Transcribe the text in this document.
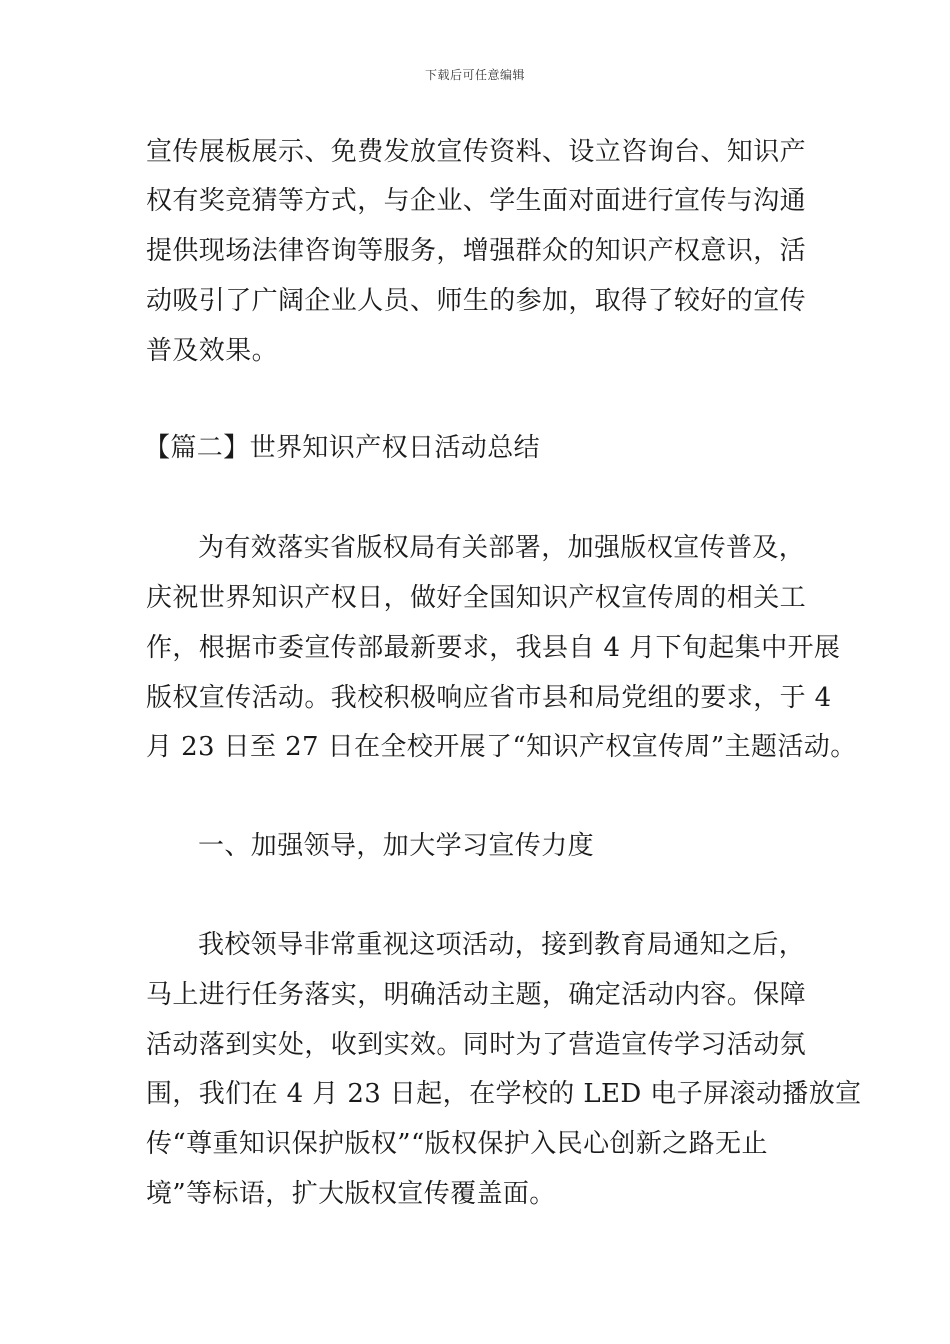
下载后可任意编辑
宣传展板展示、免费发放宣传资料、设立咨询台、知识产
权有奖竞猜等方式，与企业、学生面对面进行宣传与沟通
提供现场法律咨询等服务，增强群众的知识产权意识，活
动吸引了广阔企业人员、师生的参加，取得了较好的宣传
普及效果。
【篇二】世界知识产权日活动总结
为有效落实省版权局有关部署，加强版权宣传普及，
庆祝世界知识产权日，做好全国知识产权宣传周的相关工
作，根据市委宣传部最新要求，我县自 4 月下旬起集中开展
版权宣传活动。我校积极响应省市县和局党组的要求，于 4
月 23 日至 27 日在全校开展了“知识产权宣传周”主题活动。
一、加强领导，加大学习宣传力度
我校领导非常重视这项活动，接到教育局通知之后，
马上进行任务落实，明确活动主题，确定活动内容。保障
活动落到实处，收到实效。同时为了营造宣传学习活动氛
围，我们在 4 月 23 日起，在学校的 LED 电子屏滚动播放宣
传“尊重知识保护版权”“版权保护入民心创新之路无止
境”等标语，扩大版权宣传覆盖面。
